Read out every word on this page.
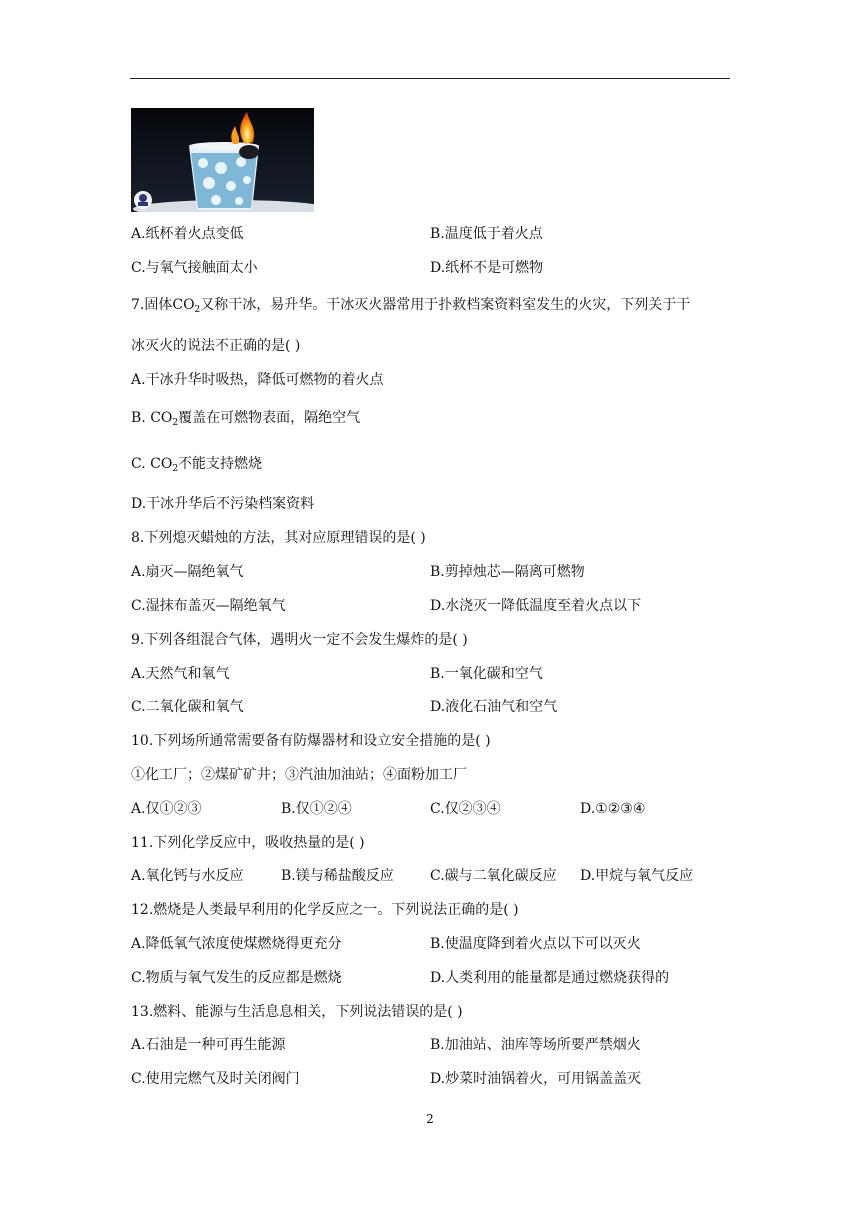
A.纸杯着火点变低	B.温度低于着火点
C.与氧气接触面太小	D.纸杯不是可燃物
7.固体$CO_2$又称干冰，易升华。干冰灭火器常用于扑救档案资料室发生的火灾，下列关于干
冰灭火的说法不正确的是( )
A.干冰升华时吸热，降低可燃物的着火点
B. $CO_2$覆盖在可燃物表面，隔绝空气
C. $CO_2$不能支持燃烧
D.干冰升华后不污染档案资料
8.下列熄灭蜡烛的方法，其对应原理错误的是( )
A.扇灭—隔绝氧气	B.剪掉烛芯—隔离可燃物
C.湿抹布盖灭—隔绝氧气	D.水浇灭一降低温度至着火点以下
9.下列各组混合气体，遇明火一定不会发生爆炸的是( )
A.天然气和氧气	B.一氧化碳和空气
C.二氧化碳和氧气	D.液化石油气和空气
10.下列场所通常需要备有防爆器材和设立安全措施的是( )
①化工厂；②煤矿矿井；③汽油加油站；④面粉加工厂
A.仅①②③	B.仅①②④	C.仅②③④	D.①②③④
11.下列化学反应中，吸收热量的是( )
A.氧化钙与水反应	B.镁与稀盐酸反应	C.碳与二氧化碳反应 D.甲烷与氧气反应
12.燃烧是人类最早利用的化学反应之一。下列说法正确的是( )
A.降低氧气浓度使煤燃烧得更充分	B.使温度降到着火点以下可以灭火
C.物质与氧气发生的反应都是燃烧	D.人类利用的能量都是通过燃烧获得的
13.燃料、能源与生活息息相关，下列说法错误的是( )
A.石油是一种可再生能源	B.加油站、油库等场所要严禁烟火
C.使用完燃气及时关闭阀门	D.炒菜时油锅着火，可用锅盖盖灭
2
